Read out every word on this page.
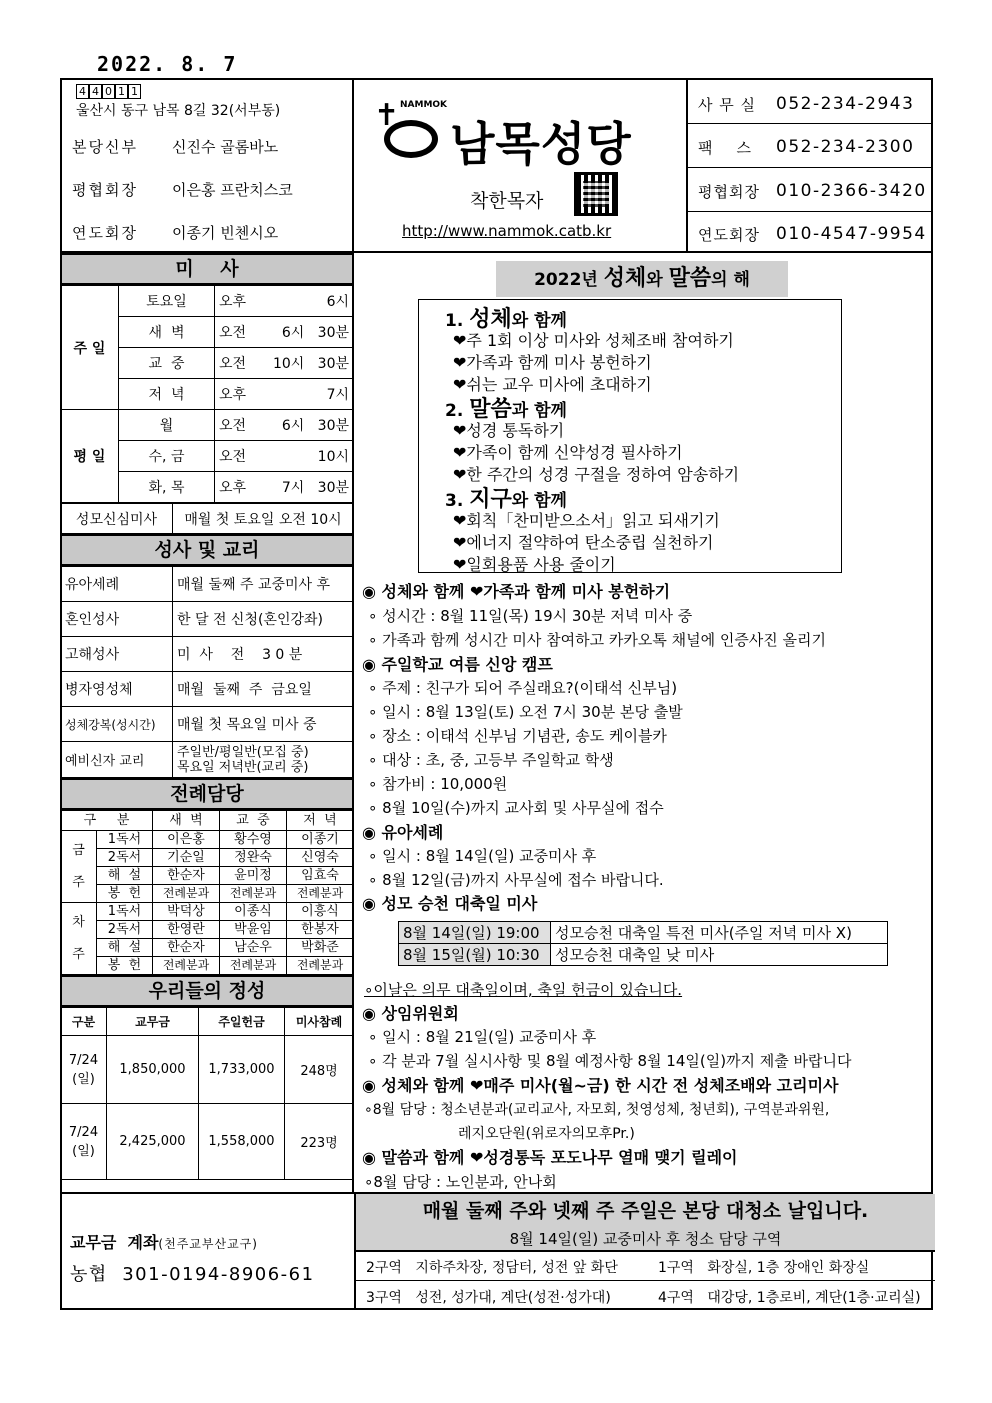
2022. 8. 7
4 4 0 1 1
울산시 동구 남목 8길 32(서부동)
본당신부	신진수 골롬바노
평협회장	이은홍 프란치스코
연도회장	이종기 빈첸시오
✝ NAMMOK
남목성당
착한목자
http://www.nammok.catb.kr
사 무 실	052-234-2943
팩    스	052-234-2300
평협회장 010-2366-3420
연도회장 010-4547-9954
미    사
주 일	토요일	오후	6시
	새  벽	오전	6시   30분
	교  중	오전	10시   30분
	저  녁	오후	7시
평 일	월	오전	6시   30분
	수, 금	오전	10시
	화, 목	오후	7시   30분
성모신심미사	매월 첫 토요일 오전 10시
성사 및 교리
유아세례	매월 둘째 주 교중미사 후
혼인성사	한 달 전 신청(혼인강좌)
고해성사	미  사    전    3 0 분
병자영성체	매월  둘째  주  금요일
성체강복(성시간)	매월 첫 목요일 미사 중
예비신자 교리	주일반/평일반(모집 중)
목요일 저녁반(교리 중)
전례담당
구     분		새  벽	교  중	저  녁
금

주	1독서	이은홍	황수영	이종기
	2독서	기순일	정완숙	신영숙
	해  설	한순자	윤미정	임효숙
	봉  헌	전례분과	전례분과	전례분과
차

주	1독서	박덕상	이종식	이흥식
	2독서	한영란	박윤임	한봉자
	해  설	한순자	남순우	박화준
	봉  헌	전례분과	전례분과	전례분과
우리들의 정성
구분	교무금	주일헌금	미사참례
7/24
(일)	1,850,000	1,733,000	248명
7/24
(일)	2,425,000	1,558,000	223명
2022년 성체와 말씀의 해
1. 성체와 함께
❤주 1회 이상 미사와 성체조배 참여하기
❤가족과 함께 미사 봉헌하기
❤쉬는 교우 미사에 초대하기
2. 말씀과 함께
❤성경 통독하기
❤가족이 함께 신약성경 필사하기
❤한 주간의 성경 구절을 정하여 암송하기
3. 지구와 함께
❤회칙「찬미받으소서」읽고 되새기기
❤에너지 절약하여 탄소중립 실천하기
❤일회용품 사용 줄이기
◉ 성체와 함께 ❤가족과 함께 미사 봉헌하기
∘ 성시간 : 8월 11일(목) 19시 30분 저녁 미사 중
∘ 가족과 함께 성시간 미사 참여하고 카카오톡 채널에 인증사진 올리기
◉ 주일학교 여름 신앙 캠프
∘ 주제 : 친구가 되어 주실래요?(이태석 신부님)
∘ 일시 : 8월 13일(토) 오전 7시 30분 본당 출발
∘ 장소 : 이태석 신부님 기념관, 송도 케이블카
∘ 대상 : 초, 중, 고등부 주일학교 학생
∘ 참가비 : 10,000원
∘ 8월 10일(수)까지 교사회 및 사무실에 접수
◉ 유아세례
∘ 일시 : 8월 14일(일) 교중미사 후
∘ 8월 12일(금)까지 사무실에 접수 바랍니다.
◉ 성모 승천 대축일 미사
8월 14일(일) 19:00	성모승천 대축일 특전 미사(주일 저녁 미사 X)
8월 15일(월) 10:30	성모승천 대축일 낮 미사
∘이날은 의무 대축일이며, 축일 헌금이 있습니다.
◉ 상임위원회
∘ 일시 : 8월 21일(일) 교중미사 후
∘ 각 분과 7월 실시사항 및 8월 예정사항 8월 14일(일)까지 제출 바랍니다
◉ 성체와 함께 ❤매주 미사(월~금) 한 시간 전 성체조배와 고리미사
∘8월 담당 : 청소년분과(교리교사, 자모회, 첫영성체, 청년회), 구역분과위원,
레지오단원(위로자의모후Pr.)
◉ 말씀과 함께 ❤성경통독 포도나무 열매 맺기 릴레이
∘8월 담당 : 노인분과, 안나회
교무금  계좌(천주교부산교구)
농협  301-0194-8906-61
매월 둘째 주와 넷째 주 주일은 본당 대청소 날입니다.
8월 14일(일) 교중미사 후 청소 담당 구역
2구역 지하주차장, 정담터, 성전 앞 화단	1구역 화장실, 1층 장애인 화장실
3구역 성전, 성가대, 계단(성전·성가대)	4구역 대강당, 1층로비, 계단(1층·교리실)
